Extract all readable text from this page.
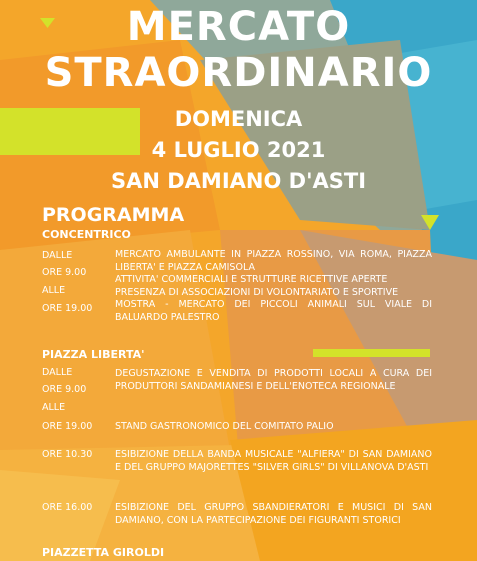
MERCATO
STRAORDINARIO
DOMENICA
4 LUGLIO 2021
SAN DAMIANO D'ASTI
PROGRAMMA
CONCENTRICO
DALLE
ORE 9.00
ALLE
ORE 19.00
MERCATO AMBULANTE IN PIAZZA ROSSINO, VIA ROMA, PIAZZA LIBERTA' E PIAZZA CAMISOLA
ATTIVITA' COMMERCIALI E STRUTTURE RICETTIVE APERTE
PRESENZA DI ASSOCIAZIONI DI VOLONTARIATO E SPORTIVE
MOSTRA - MERCATO DEI PICCOLI ANIMALI SUL VIALE DI BALUARDO PALESTRO
PIAZZA LIBERTA'
DALLE
ORE 9.00
ALLE
ORE 19.00
DEGUSTAZIONE E VENDITA DI PRODOTTI LOCALI A CURA DEI PRODUTTORI SANDAMIANESI E DELL'ENOTECA REGIONALE
STAND GASTRONOMICO DEL COMITATO PALIO
ORE 10.30 ESIBIZIONE DELLA BANDA MUSICALE "ALFIERA" DI SAN DAMIANO E DEL GRUPPO MAJORETTES "SILVER GIRLS" DI VILLANOVA D'ASTI
ORE 16.00 ESIBIZIONE DEL GRUPPO SBANDIERATORI E MUSICI DI SAN DAMIANO, CON LA PARTECIPAZIONE DEI FIGURANTI STORICI
PIAZZETTA GIROLDI
